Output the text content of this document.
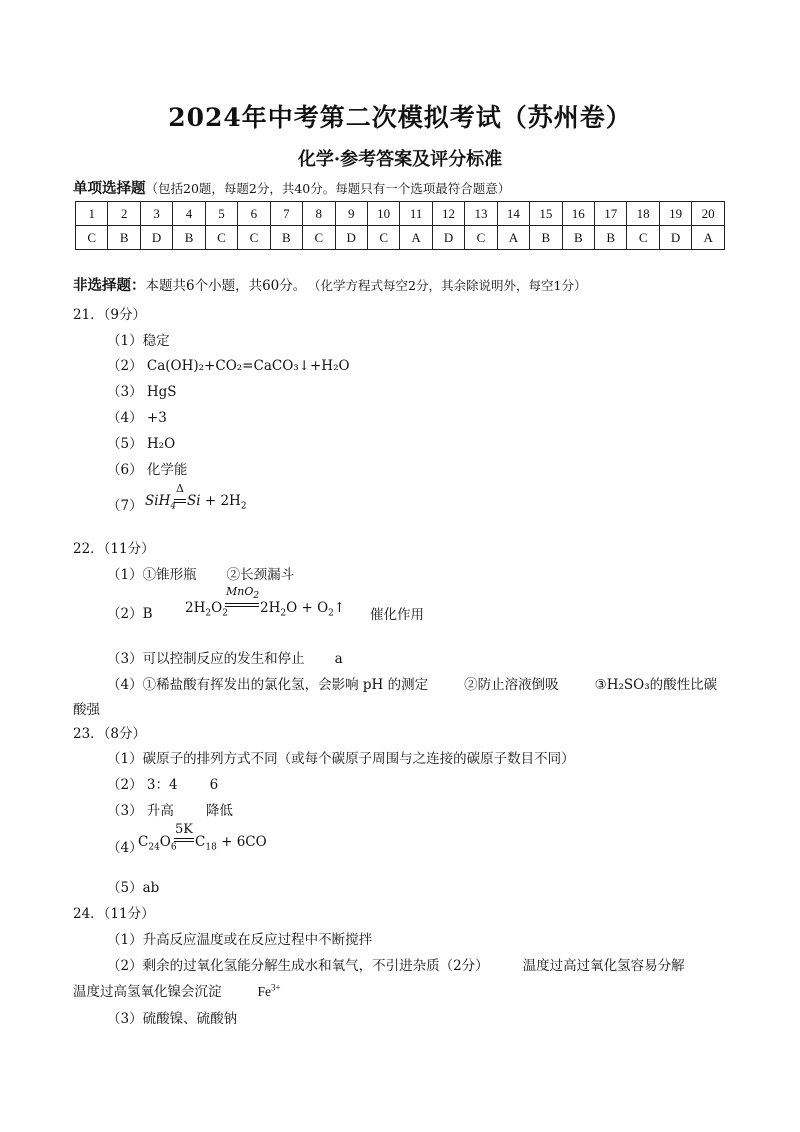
2024年中考第二次模拟考试（苏州卷）
化学·参考答案及评分标准
单项选择题（包括20题，每题2分，共40分。每题只有一个选项最符合题意）
1	2	3	4	5	6	7	8	9	10	11	12	13	14	15	16	17	18	19	20
C	B	D	B	C	C	B	C	D	C	A	D	C	A	B	B	B	C	D	A
非选择题：本题共6个小题，共60分。 （化学方程式每空2分，其余除说明外，每空1分）
21．（9分）
（1）稳定
（2） Ca(OH)₂+CO₂=CaCO₃↓+H₂O
（3） HgS
（4） +3
（5） H₂O
（6） 化学能
（7） SiH$_4$
Δ
$Si + 2H_2$
22．（11分）
（1）①锥形瓶 ②长颈漏斗
（2）B $2H_2O_2$
MnO$_2$
$2H_2O$ + $O_2↑$ 催化作用
（3）可以控制反应的发生和停止 a
（4）①稀盐酸有挥发出的氯化氢，会影响 pH 的测定	②防止溶液倒吸	③H₂SO₃的酸性比碳
酸强
23．（8分）
（1）碳原子的排列方式不同（或每个碳原子周围与之连接的碳原子数目不同）
（2） 3：4 6
（3） 升高 降低
（4）
$C_{24}O_6$
5K
$C_{18} + 6CO$
（5）ab
24．（11分）
（1）升高反应温度或在反应过程中不断搅拌
（2）剩余的过氧化氢能分解生成水和氧气，不引进杂质（2分）	温度过高过氧化氢容易分解
温度过高氢氧化镍会沉淀	$Fe^{3+}$
（3）硫酸镍、硫酸钠
